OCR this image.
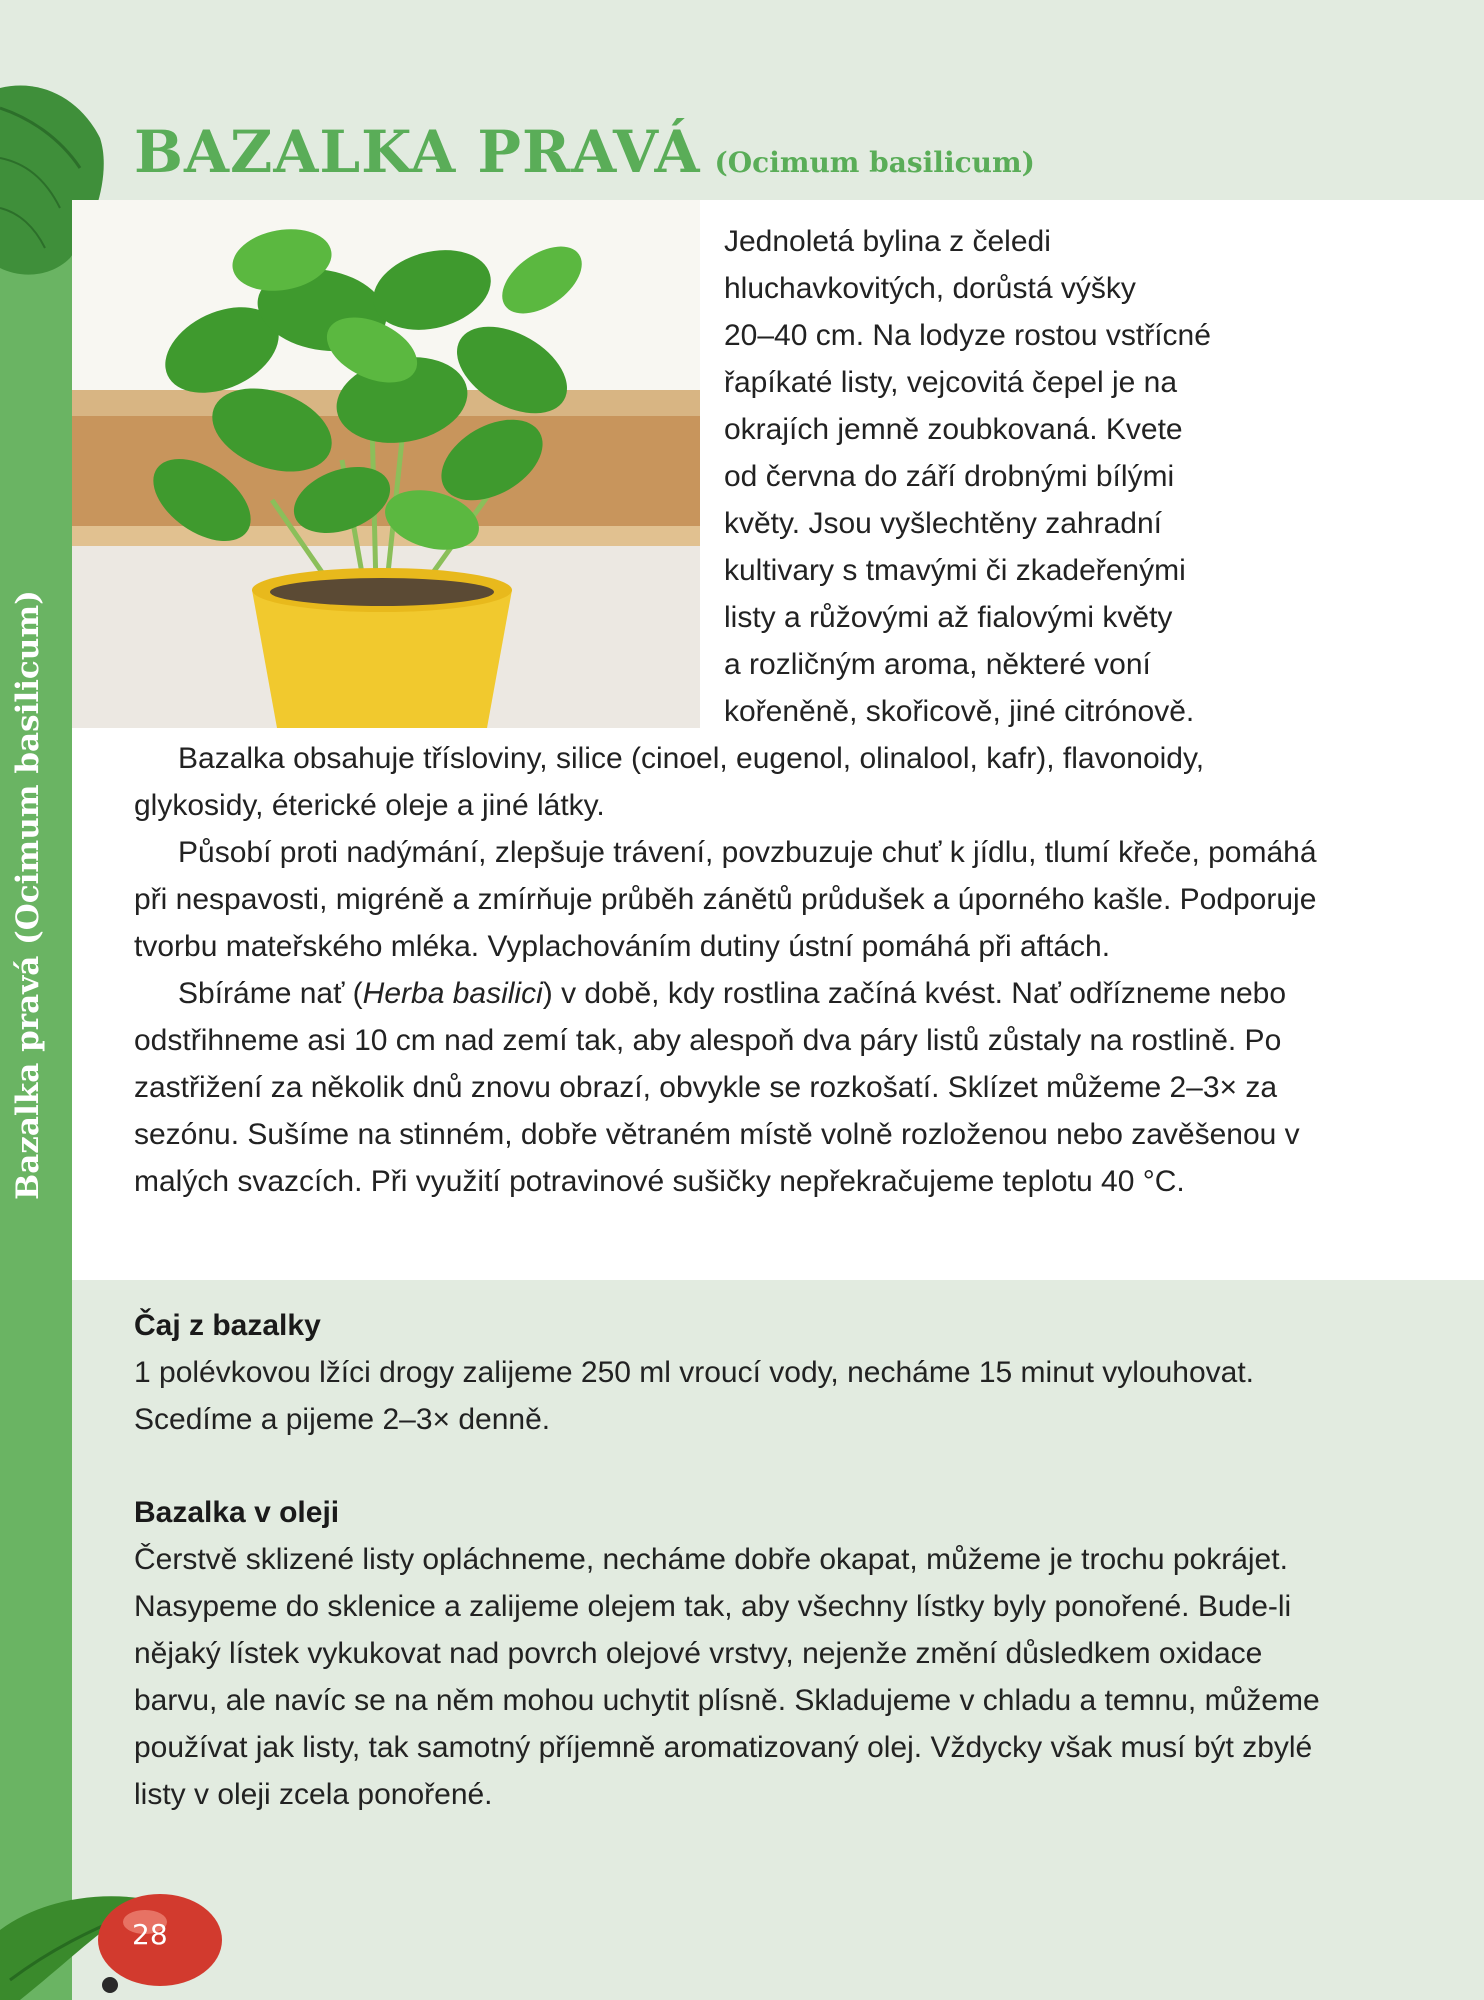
Bazalka pravá (Ocimum basilicum)
BAZALKA PRAVÁ (Ocimum basilicum)
Jednoletá bylina z čeledi
hluchavkovitých, dorůstá výšky
20–40 cm. Na lodyze rostou vstřícné
řapíkaté listy, vejcovitá čepel je na
okrajích jemně zoubkovaná. Kvete
od června do září drobnými bílými
květy. Jsou vyšlechtěny zahradní
kultivary s tmavými či zkadeřenými
listy a růžovými až fialovými květy
a rozličným aroma, některé voní
kořeněně, skořicově, jiné citrónově.

Bazalka obsahuje třísloviny, silice (cinoel, eugenol, olinalool, kafr), flavonoidy, glykosidy, éterické oleje a jiné látky.

Působí proti nadýmání, zlepšuje trávení, povzbuzuje chuť k jídlu, tlumí křeče, pomáhá při nespavosti, migréně a zmírňuje průběh zánětů průdušek a úporného kašle. Podporuje tvorbu mateřského mléka. Vyplachováním dutiny ústní pomáhá při aftách.

Sbíráme nať (Herba basilici) v době, kdy rostlina začíná kvést. Nať odřízneme nebo odstřihneme asi 10 cm nad zemí tak, aby alespoň dva páry listů zůstaly na rostlině. Po zastřižení za několik dnů znovu obrazí, obvykle se rozkošatí. Sklízet můžeme 2–3× za sezónu. Sušíme na stinném, dobře větraném místě volně rozloženou nebo zavěšenou v malých svazcích. Při využití potravinové sušičky nepřekračujeme teplotu 40 °C.

Čaj z bazalky

1 polévkovou lžíci drogy zalijeme 250 ml vroucí vody, necháme 15 minut vylouhovat. Scedíme a pijeme 2–3× denně.

Bazalka v oleji

Čerstvě sklizené listy opláchneme, necháme dobře okapat, můžeme je trochu pokrájet. Nasypeme do sklenice a zalijeme olejem tak, aby všechny lístky byly ponořené. Bude-li nějaký lístek vykukovat nad povrch olejové vrstvy, nejenže změní důsledkem oxidace barvu, ale navíc se na něm mohou uchytit plísně. Skladujeme v chladu a temnu, můžeme používat jak listy, tak samotný příjemně aromatizovaný olej. Vždycky však musí být zbylé listy v oleji zcela ponořené.

28
